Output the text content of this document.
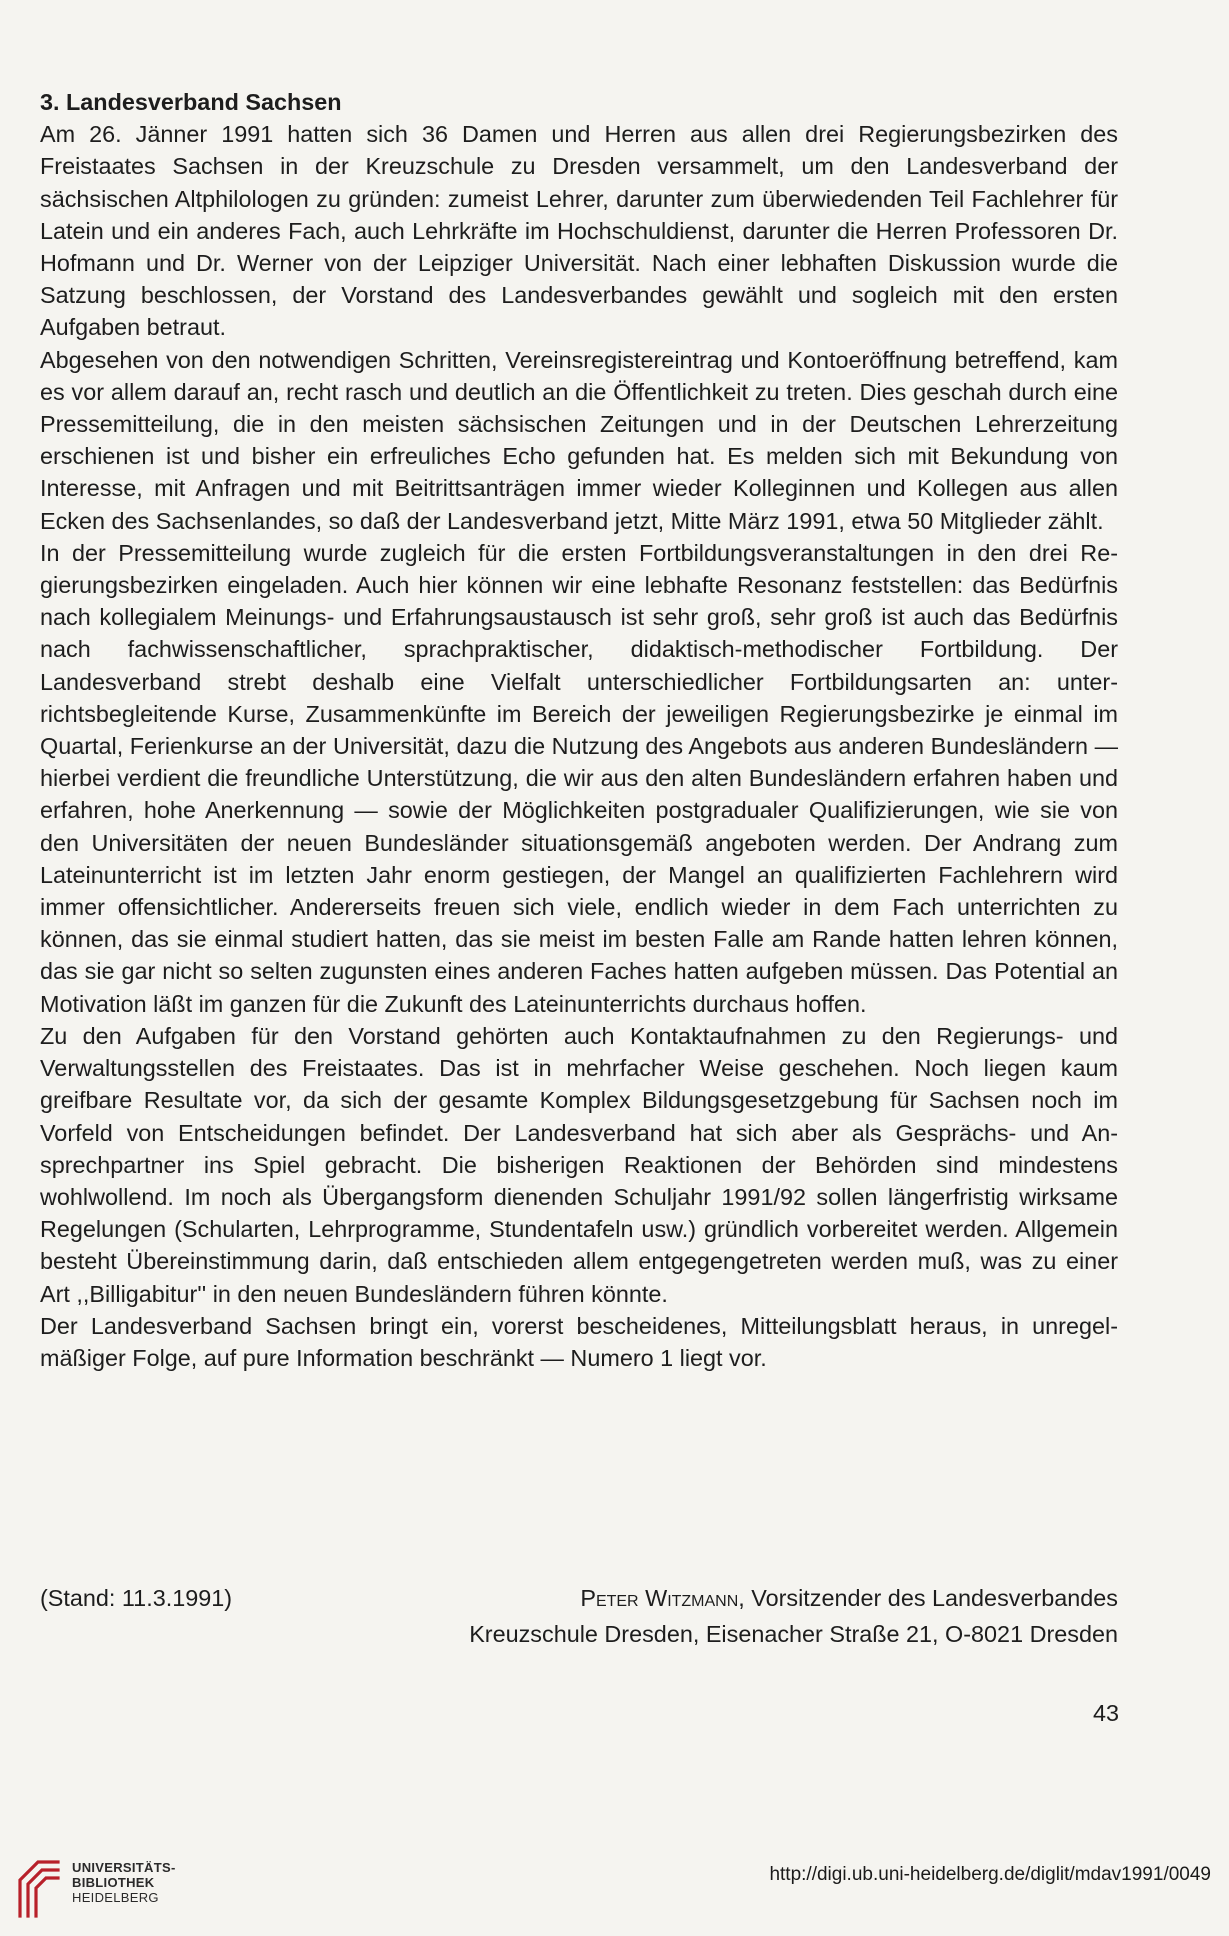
3. Landesverband Sachsen

Am 26. Jänner 1991 hatten sich 36 Damen und Herren aus allen drei Regierungsbezirken des Freistaates Sachsen in der Kreuzschule zu Dresden versammelt, um den Landesverband der sächsischen Altphilologen zu gründen: zumeist Lehrer, darunter zum überwiedenden Teil Fachlehrer für Latein und ein anderes Fach, auch Lehrkräfte im Hochschuldienst, darunter die Herren Professoren Dr. Hofmann und Dr. Werner von der Leipziger Universität. Nach einer lebhaften Diskussion wurde die Satzung beschlossen, der Vorstand des Landesverbandes gewählt und sogleich mit den ersten Aufgaben betraut.

Abgesehen von den notwendigen Schritten, Vereinsregistereintrag und Kontoeröffnung betreffend, kam es vor allem darauf an, recht rasch und deutlich an die Öffentlichkeit zu treten. Dies geschah durch eine Pressemitteilung, die in den meisten sächsischen Zeitungen und in der Deutschen Lehrerzeitung erschienen ist und bisher ein erfreuliches Echo gefunden hat. Es melden sich mit Bekundung von Interesse, mit Anfragen und mit Beitrittsanträgen immer wieder Kolleginnen und Kollegen aus allen Ecken des Sachsenlandes, so daß der Landesverband jetzt, Mitte März 1991, etwa 50 Mitglieder zählt.

In der Pressemitteilung wurde zugleich für die ersten Fortbildungsveranstaltungen in den drei Regierungsbezirken eingeladen. Auch hier können wir eine lebhafte Resonanz feststellen: das Bedürfnis nach kollegialem Meinungs- und Erfahrungsaustausch ist sehr groß, sehr groß ist auch das Bedürfnis nach fachwissenschaftlicher, sprachpraktischer, didaktisch-methodischer Fortbildung. Der Landesverband strebt deshalb eine Vielfalt unterschiedlicher Fortbildungsarten an: unterrichtsbegleitende Kurse, Zusammenkünfte im Bereich der jeweiligen Regierungsbezirke je einmal im Quartal, Ferienkurse an der Universität, dazu die Nutzung des Angebots aus anderen Bundesländern — hierbei verdient die freundliche Unterstützung, die wir aus den alten Bundesländern erfahren haben und erfahren, hohe Anerkennung — sowie der Möglichkeiten postgradualer Qualifizierungen, wie sie von den Universitäten der neuen Bundesländer situationsgemäß angeboten werden. Der Andrang zum Lateinunterricht ist im letzten Jahr enorm gestiegen, der Mangel an qualifizierten Fachlehrern wird immer offensichtlicher. Andererseits freuen sich viele, endlich wieder in dem Fach unterrichten zu können, das sie einmal studiert hatten, das sie meist im besten Falle am Rande hatten lehren können, das sie gar nicht so selten zugunsten eines anderen Faches hatten aufgeben müssen. Das Potential an Motivation läßt im ganzen für die Zukunft des Lateinunterrichts durchaus hoffen.

Zu den Aufgaben für den Vorstand gehörten auch Kontaktaufnahmen zu den Regierungs- und Verwaltungsstellen des Freistaates. Das ist in mehrfacher Weise geschehen. Noch liegen kaum greifbare Resultate vor, da sich der gesamte Komplex Bildungsgesetzgebung für Sachsen noch im Vorfeld von Entscheidungen befindet. Der Landesverband hat sich aber als Gesprächs- und Ansprechpartner ins Spiel gebracht. Die bisherigen Reaktionen der Behörden sind mindestens wohlwollend. Im noch als Übergangsform dienenden Schuljahr 1991/92 sollen längerfristig wirksame Regelungen (Schularten, Lehrprogramme, Stundentafeln usw.) gründlich vorbereitet werden. Allgemein besteht Übereinstimmung darin, daß entschieden allem entgegengetreten werden muß, was zu einer Art ,,Billigabitur'' in den neuen Bundesländern führen könnte.

Der Landesverband Sachsen bringt ein, vorerst bescheidenes, Mitteilungsblatt heraus, in unregelmäßiger Folge, auf pure Information beschränkt — Numero 1 liegt vor.

(Stand: 11.3.1991)	Peter Witzmann, Vorsitzender des Landesverbandes
Kreuzschule Dresden, Eisenacher Straße 21, O-8021 Dresden
43
UNIVERSITÄTS-
BIBLIOTHEK
HEIDELBERG
http://digi.ub.uni-heidelberg.de/diglit/mdav1991/0049
